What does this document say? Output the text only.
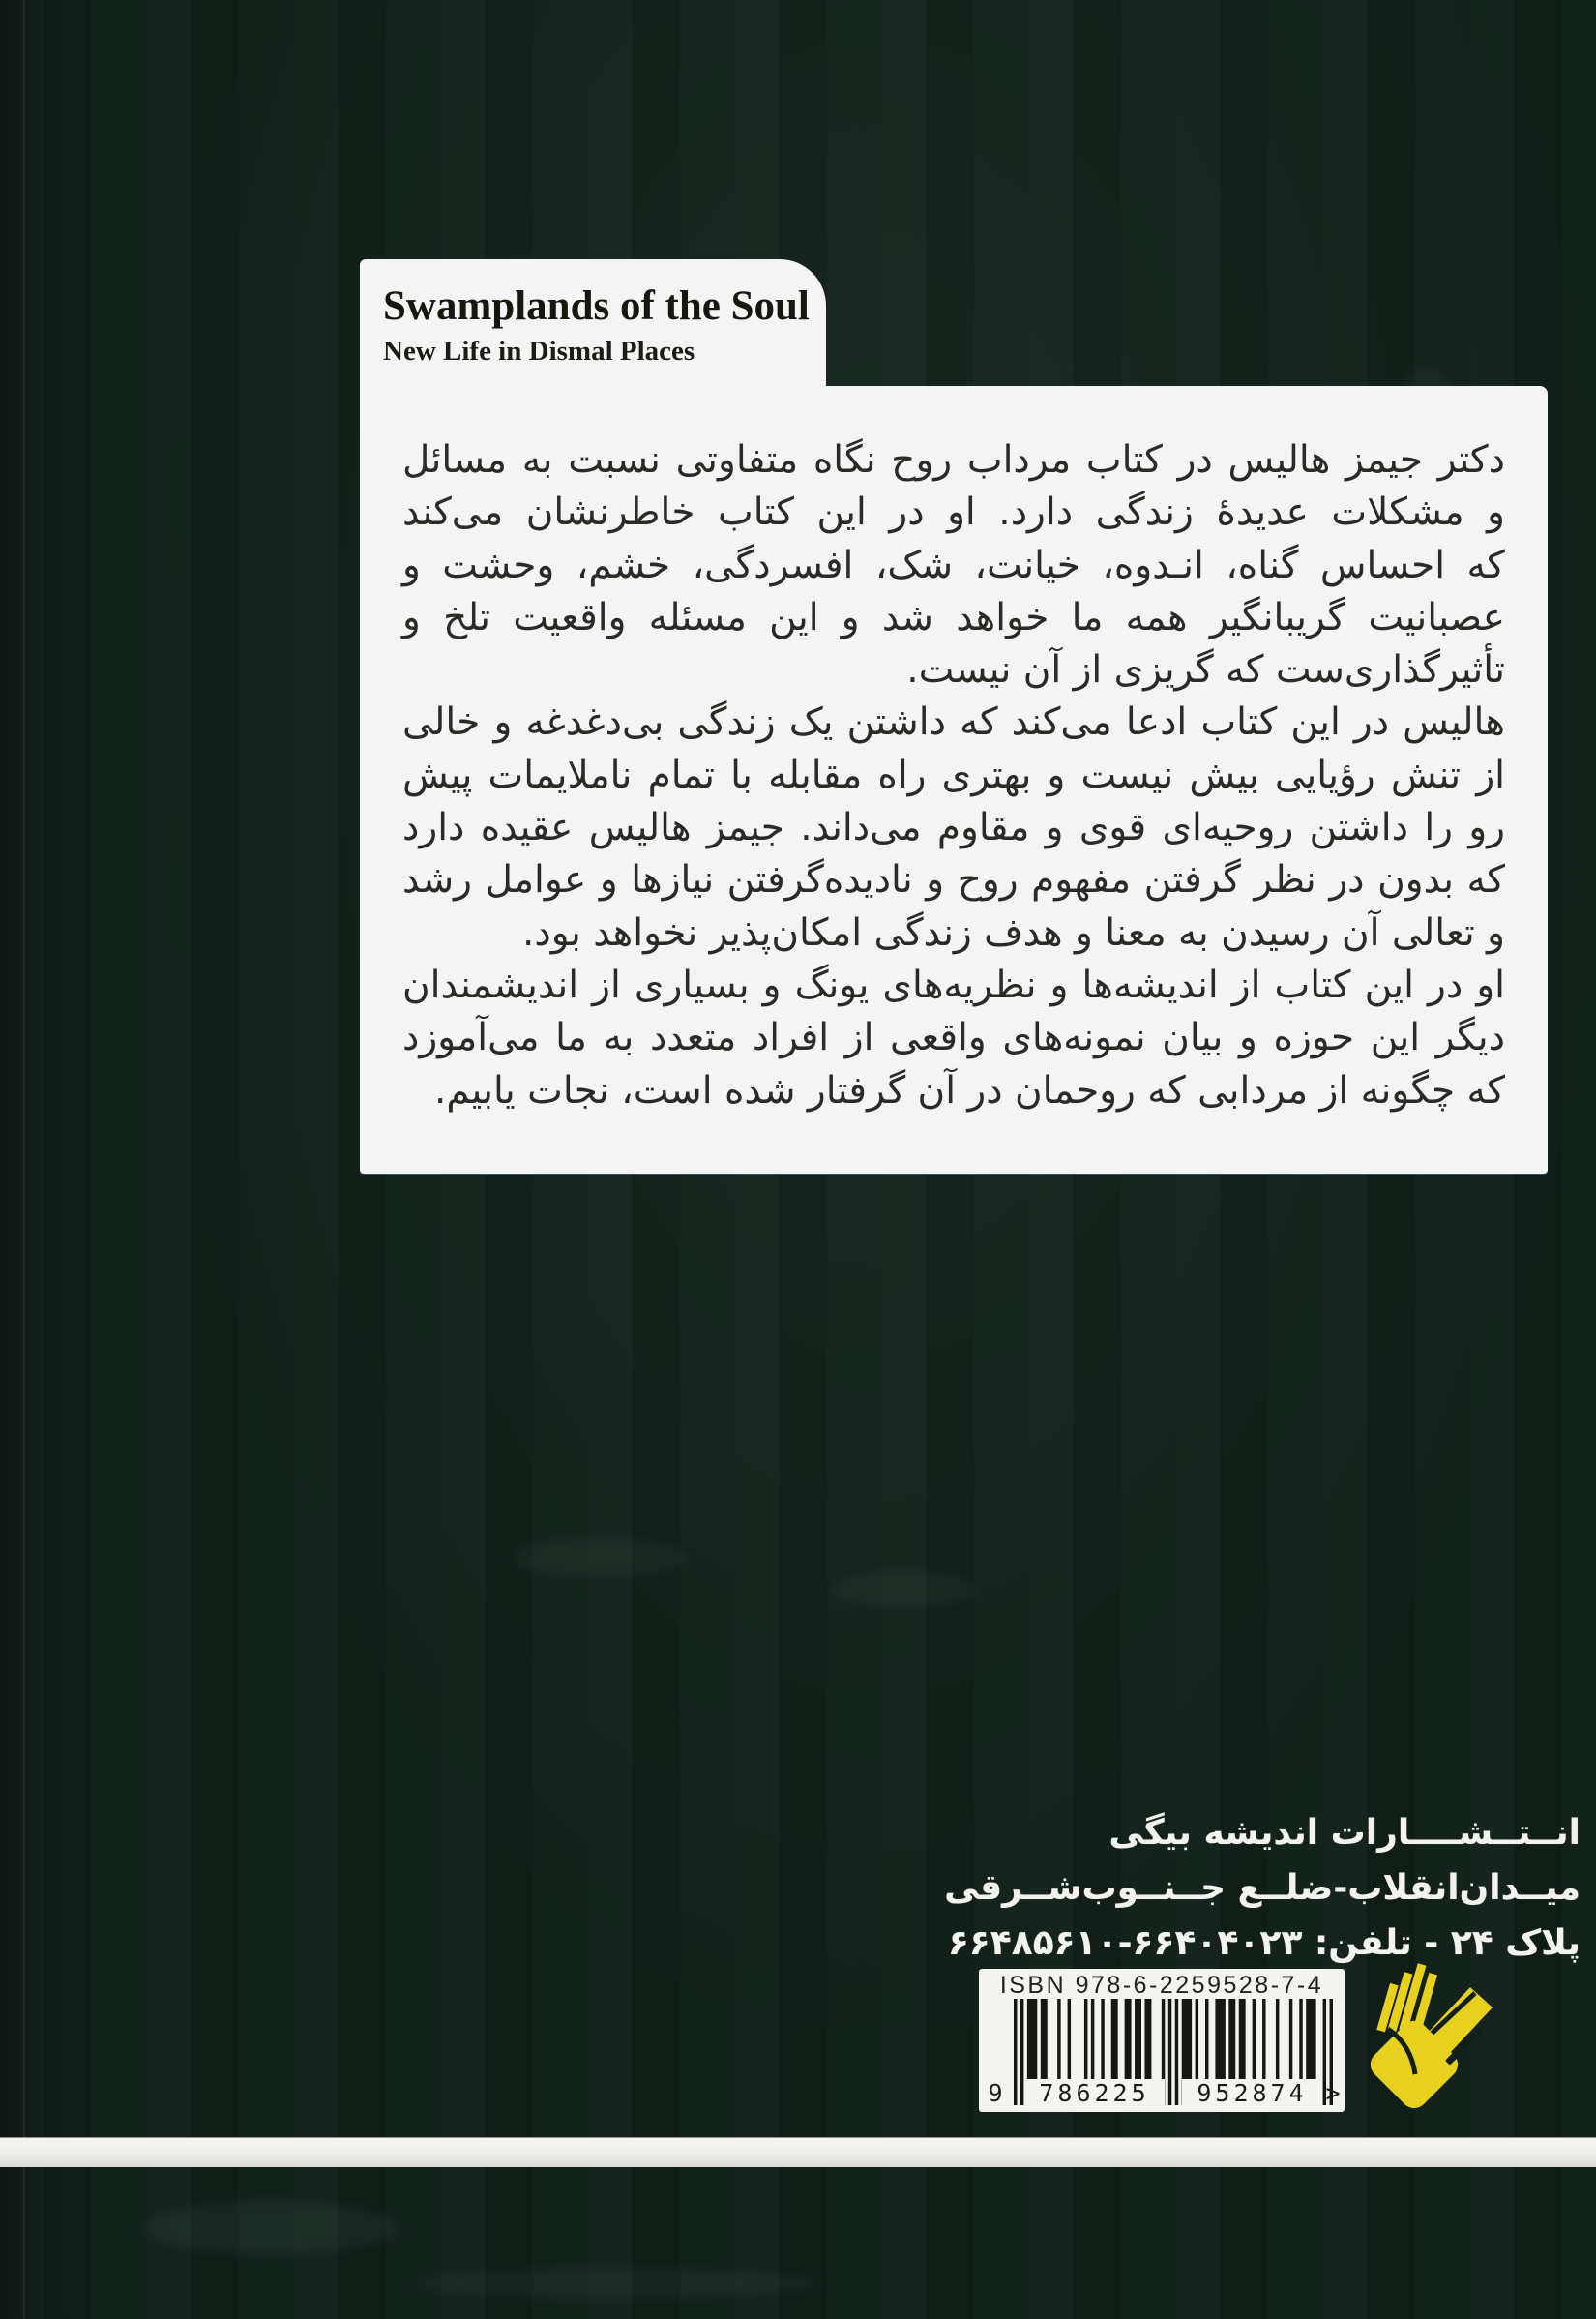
Swamplands of the Soul
New Life in Dismal Places
دکتر جیمز هالیس در کتاب مرداب روح نگاه متفاوتی نسبت به مسائل
و مشکلات عدیدهٔ زندگی دارد. او در این کتاب خاطرنشان می‌کند
که احساس گناه، انـدوه، خیانت، شک، افسردگی، خشم، وحشت و
عصبانیت گریبانگیر همه ما خواهد شد و این مسئله واقعیت تلخ و
تأثیرگذاری‌ست که گریزی از آن نیست.
هالیس در این کتاب ادعا می‌کند که داشتن یک زندگی بی‌دغدغه و خالی
از تنش رؤیایی بیش نیست و بهتری راه مقابله با تمام ناملایمات پیش
رو را داشتن روحیه‌ای قوی و مقاوم می‌داند. جیمز هالیس عقیده دارد
که بدون در نظر گرفتن مفهوم روح و نادیده‌گرفتن نیازها و عوامل رشد
و تعالی آن رسیدن به معنا و هدف زندگی امکان‌پذیر نخواهد بود.
او در این کتاب از اندیشه‌ها و نظریه‌های یونگ و بسیاری از اندیشمندان
دیگر این حوزه و بیان نمونه‌های واقعی از افراد متعدد به ما می‌آموزد
که چگونه از مردابی که روحمان در آن گرفتار شده است، نجات یابیم.
انــتــشــــارات اندیشه بیگی
میــدان‌انقلاب-ضلــع جــنــوب‌شــرقی
پلاک ۲۴ - تلفن: ۶۶۴۰۴۰۲۳-۶۶۴۸۵۶۱۰
ISBN 978-6-2259528-7-4
9	786225	952874 >
